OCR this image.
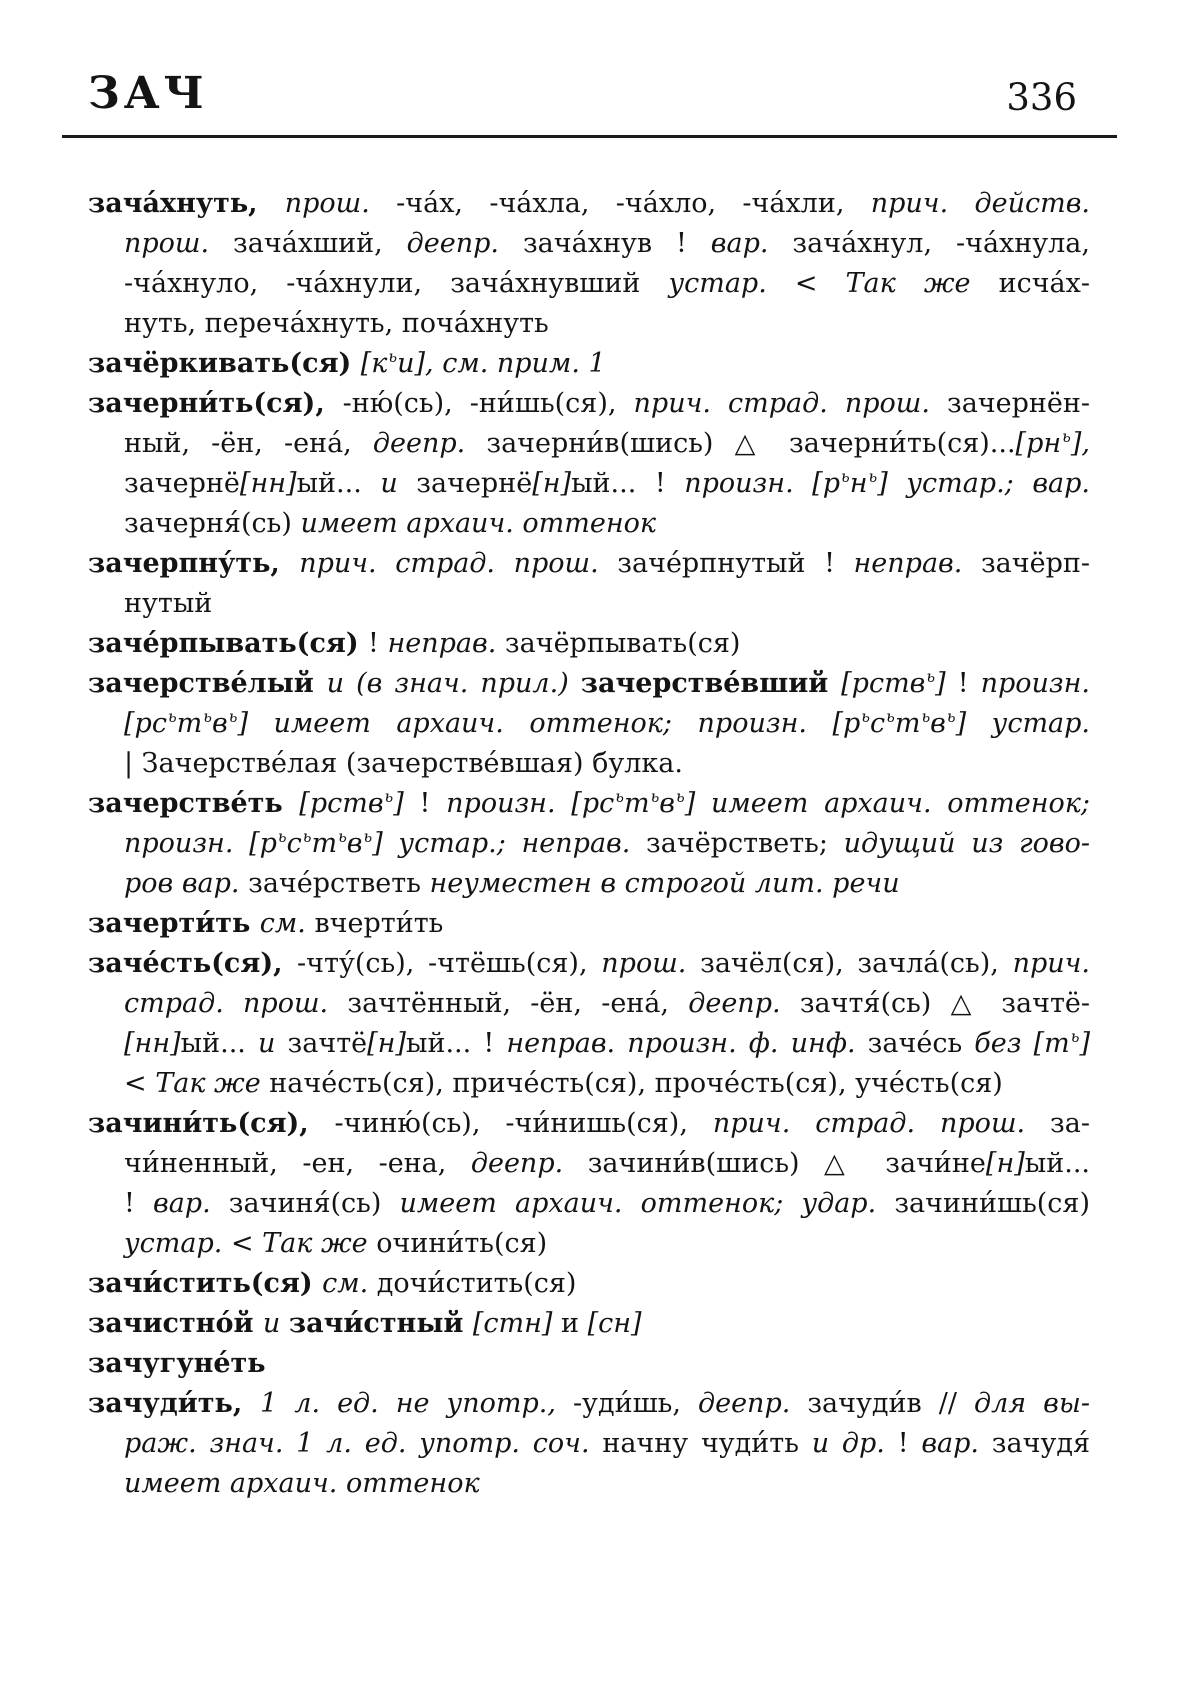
ЗАЧ	336
зача́хнуть, прош. -ча́х, -ча́хла, -ча́хло, -ча́хли, прич. действ.
прош. зача́хший, деепр. зача́хнув ! вар. зача́хнул, -ча́хнула,
-ча́хнуло, -ча́хнули, зача́хнувший устар. < Так же исча́х-
нуть, переча́хнуть, поча́хнуть
зачёркивать(ся) $[к^ьи]$, см. прим. 1
зачерни́ть(ся), -ню́(сь), -ни́шь(ся), прич. страд. прош. зачернён-
ный, -ён, -ена́, деепр. зачерни́в(шись) △ $зачерни́ть(ся)...[рн^ь]$,
зачернё[нн]ый... и зачернё[н]ый... ! произн. $[р^ьн^ь]$ устар.; вар.
зачерня́(сь) имеет архаич. оттенок
зачерпну́ть, прич. страд. прош. заче́рпнутый ! неправ. зачёрп-
нутый
заче́рпывать(ся) ! неправ. зачёрпывать(ся)
зачерстве́лый и (в знач. прил.) зачерстве́вший [рств$^ь$] ! произн.
$[рс^ьт^ьв^ь]$ имеет архаич. оттенок; произн. $[р^ьс^ьт^ьв^ь]$ устар.
| Зачерстве́лая (зачерстве́вшая) булка.
зачерстве́ть [рств$^ь$] ! произн. $[рс^ьт^ьв^ь]$ имеет архаич. оттенок;
произн. $[р^ьс^ьт^ьв^ь]$ устар.; неправ. зачёрстветь; идущий из гово-
ров вар. заче́рстветь неуместен в строгой лит. речи
зачерти́ть см. вчерти́ть
заче́сть(ся), -чту́(сь), -чтёшь(ся), прош. зачёл(ся), зачла́(сь), прич.
страд. прош. зачтённый, -ён, -ена́, деепр. зачтя́(сь) △ зачтё-
[нн]ый... и зачтё[н]ый... ! неправ. произн. ф. инф. заче́сь без $[т^ь]$
< Так же наче́сть(ся), приче́сть(ся), проче́сть(ся), уче́сть(ся)
зачини́ть(ся), -чиню́(сь), -чи́нишь(ся), прич. страд. прош. за-
чи́ненный, -ен, -ена, деепр. зачини́в(шись) △ зачи́не[н]ый...
! вар. зачиня́(сь) имеет архаич. оттенок; удар. зачини́шь(ся)
устар. < Так же очини́ть(ся)
зачи́стить(ся) см. дочи́стить(ся)
зачистно́й и зачи́стный [стн] и [сн]
зачугуне́ть
зачуди́ть, 1 л. ед. не употр., -уди́шь, деепр. зачуди́в // для вы-
раж. знач. 1 л. ед. употр. соч. начну чуди́ть и др. ! вар. зачудя́
имеет архаич. оттенок
